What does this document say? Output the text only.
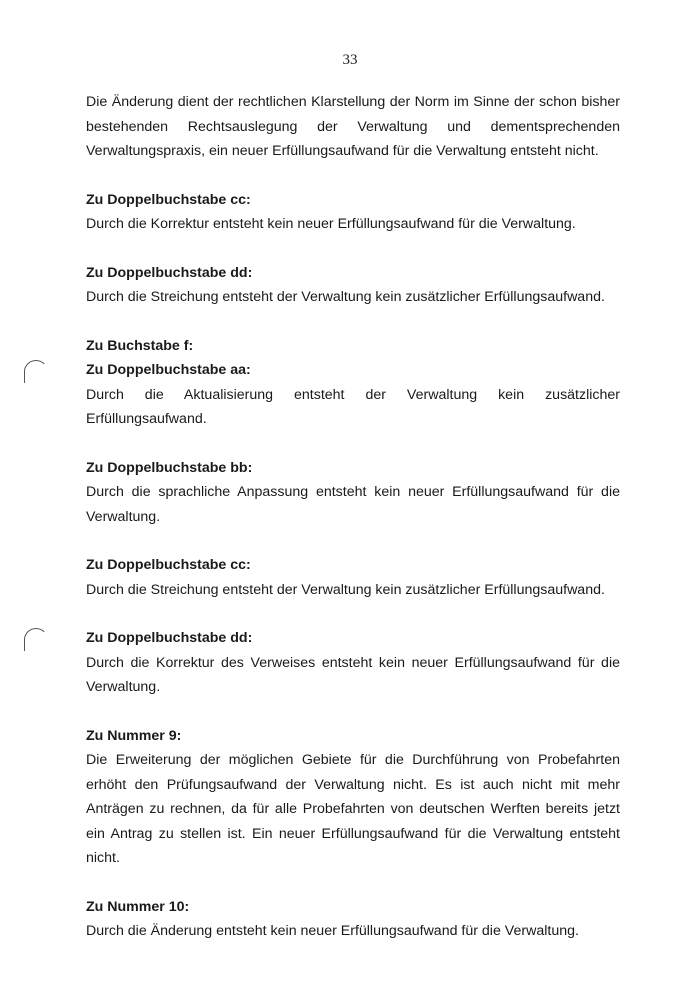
33

Die Änderung dient der rechtlichen Klarstellung der Norm im Sinne der schon bisher bestehenden Rechtsauslegung der Verwaltung und dementsprechenden Verwaltungspraxis, ein neuer Erfüllungsaufwand für die Verwaltung entsteht nicht.

Zu Doppelbuchstabe cc:

Durch die Korrektur entsteht kein neuer Erfüllungsaufwand für die Verwaltung.

Zu Doppelbuchstabe dd:

Durch die Streichung entsteht der Verwaltung kein zusätzlicher Erfüllungsaufwand.

Zu Buchstabe f:

Zu Doppelbuchstabe aa:

Durch die Aktualisierung entsteht der Verwaltung kein zusätzlicher Erfüllungsaufwand.

Zu Doppelbuchstabe bb:

Durch die sprachliche Anpassung entsteht kein neuer Erfüllungsaufwand für die Verwaltung.

Zu Doppelbuchstabe cc:

Durch die Streichung entsteht der Verwaltung kein zusätzlicher Erfüllungsaufwand.

Zu Doppelbuchstabe dd:

Durch die Korrektur des Verweises entsteht kein neuer Erfüllungsaufwand für die Verwaltung.

Zu Nummer 9:

Die Erweiterung der möglichen Gebiete für die Durchführung von Probefahrten erhöht den Prüfungsaufwand der Verwaltung nicht. Es ist auch nicht mit mehr Anträgen zu rechnen, da für alle Probefahrten von deutschen Werften bereits jetzt ein Antrag zu stellen ist. Ein neuer Erfüllungsaufwand für die Verwaltung entsteht nicht.

Zu Nummer 10:

Durch die Änderung entsteht kein neuer Erfüllungsaufwand für die Verwaltung.
